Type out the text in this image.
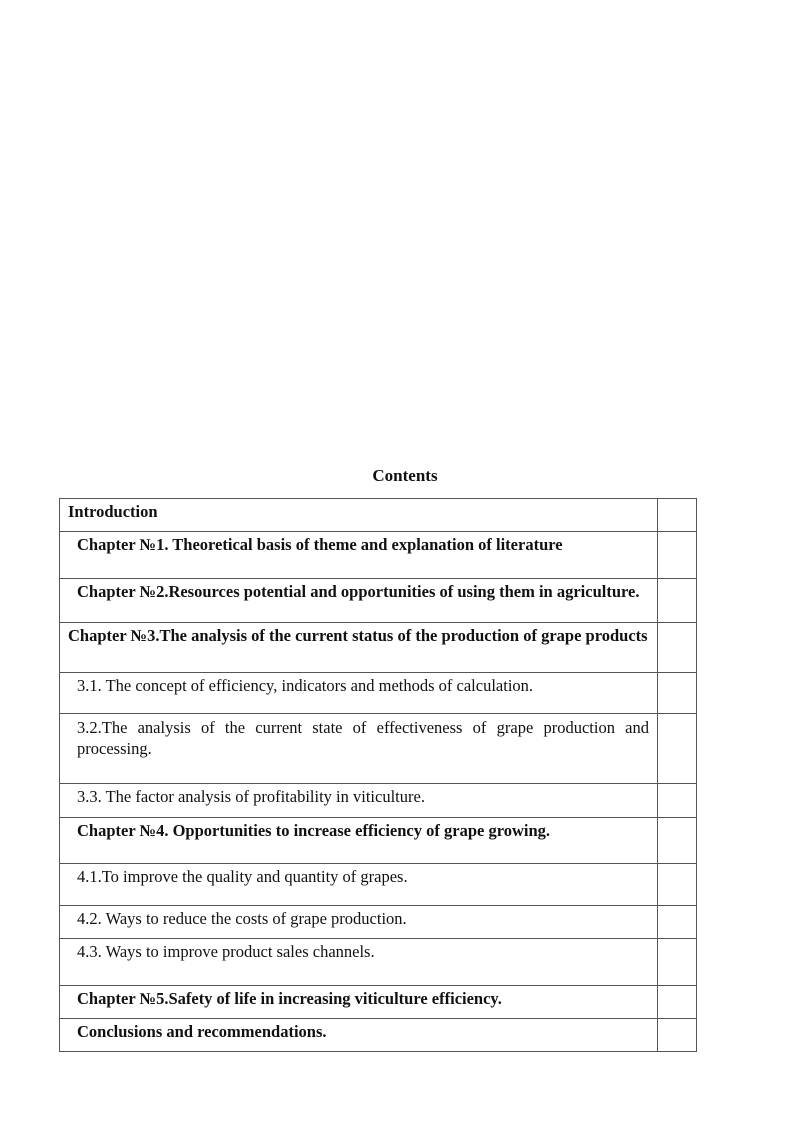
Contents
Introduction	

Chapter №1. Theoretical basis of theme and explanation of literature	

Chapter №2.Resources potential and opportunities of using them in agriculture.	

Chapter №3.The analysis of the current status of the production of grape products	

3.1. The concept of efficiency, indicators and methods of calculation.	

3.2.The analysis of the current state of effectiveness of grape production and processing.	

3.3. The factor analysis of profitability in viticulture.	

Chapter №4. Opportunities to increase efficiency of grape growing.	

4.1.To improve the quality and quantity of grapes.	

4.2. Ways to reduce the costs of grape production.	

4.3. Ways to improve product sales channels.	

Chapter №5.Safety of life in increasing viticulture efficiency.	

Conclusions and recommendations.	
